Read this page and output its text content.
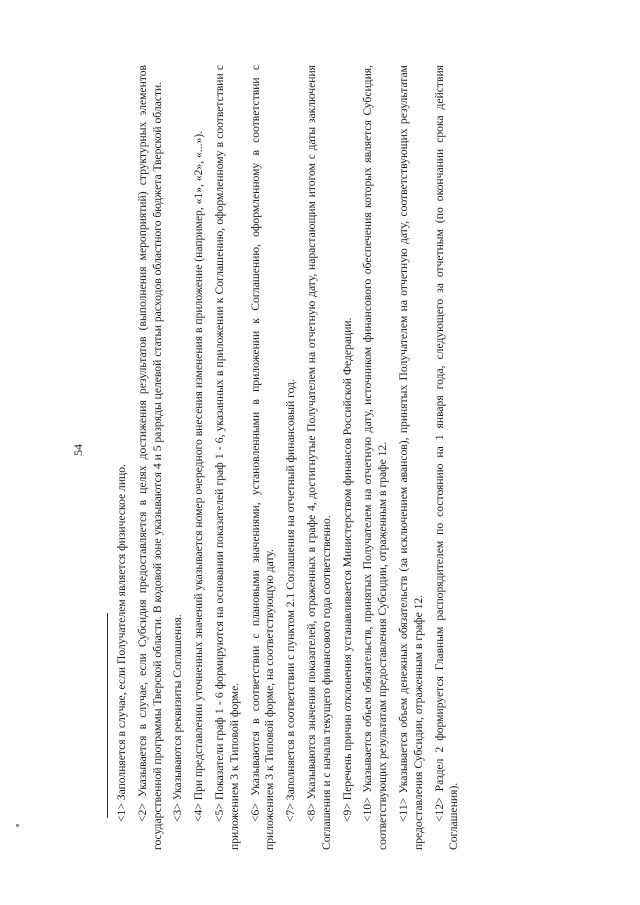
54

<1> Заполняется в случае, если Получателем является физическое лицо. <2> Указывается в случае, если Субсидия предоставляется в целях достижения результатов (выполнения мероприятий) структурных элементов государственной программы Тверской области. В кодовой зоне указываются 4 и 5 разряды целевой статьи расходов областного бюджета Тверской области. <3> Указываются реквизиты Соглашения. <4> При представлении уточненных значений указывается номер очередного внесения изменения в приложение (например, «1», «2», «...»). <5> Показатели граф 1 - 6 формируются на основании показателей граф 1 - 6, указанных в приложении к Соглашению, оформленному в соответствии с приложением 3 к Типовой форме. <6> Указываются в соответствии с плановыми значениями, установленными в приложении к Соглашению, оформленному в соответствии с приложением 3 к Типовой форме, на соответствующую дату. <7> Заполняется в соответствии с пунктом 2.1 Соглашения на отчетный финансовый год. <8> Указываются значения показателей, отраженных в графе 4, достигнутые Получателем на отчетную дату, нарастающим итогом с даты заключения Соглашения и с начала текущего финансового года соответственно. <9> Перечень причин отклонения устанавливается Министерством финансов Российской Федерации. <10> Указывается объем обязательств, принятых Получателем на отчетную дату, источником финансового обеспечения которых является Субсидия, соответствующих результатам предоставления Субсидии, отраженным в графе 12. <11> Указывается объем денежных обязательств (за исключением авансов), принятых Получателем на отчетную дату, соответствующих результатам предоставления Субсидии, отраженным в графе 12. <12> Раздел 2 формируется Главным распорядителем по состоянию на 1 января года, следующего за отчетным (по окончании срока действия Соглашения).
